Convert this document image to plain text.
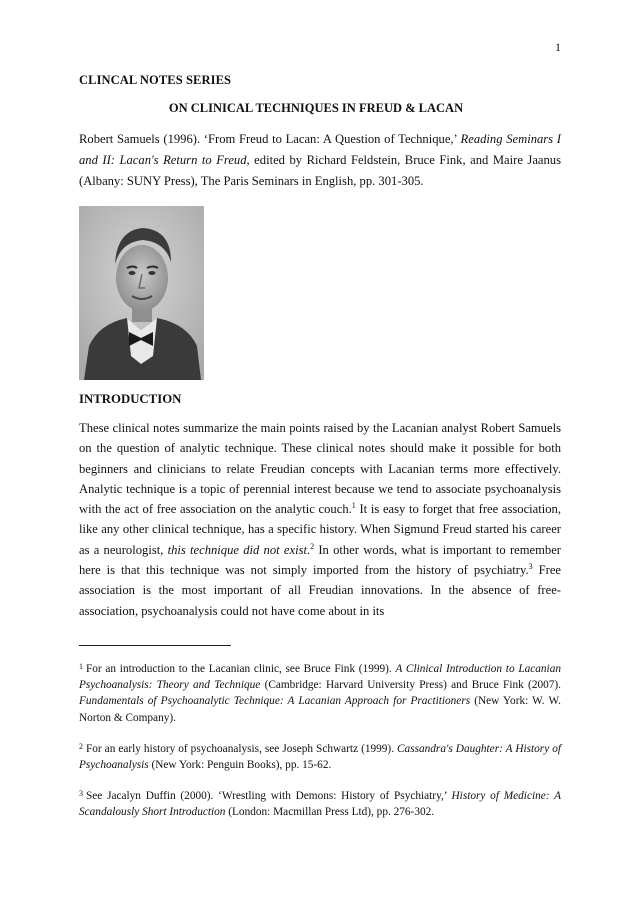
1

CLINCAL NOTES SERIES

ON CLINICAL TECHNIQUES IN FREUD & LACAN

Robert Samuels (1996). ‘From Freud to Lacan: A Question of Technique,’ Reading Seminars I and II: Lacan's Return to Freud, edited by Richard Feldstein, Bruce Fink, and Maire Jaanus (Albany: SUNY Press), The Paris Seminars in English, pp. 301-305.

INTRODUCTION

These clinical notes summarize the main points raised by the Lacanian analyst Robert Samuels on the question of analytic technique. These clinical notes should make it possible for both beginners and clinicians to relate Freudian concepts with Lacanian terms more effectively. Analytic technique is a topic of perennial interest because we tend to associate psychoanalysis with the act of free association on the analytic couch.$^1$ It is easy to forget that free association, like any other clinical technique, has a specific history. When Sigmund Freud started his career as a neurologist, this technique did not exist.$^2$ In other words, what is important to remember here is that this technique was not simply imported from the history of psychiatry.$^3$ Free association is the most important of all Freudian innovations. In the absence of free-association, psychoanalysis could not have come about in its

$^1$ For an introduction to the Lacanian clinic, see Bruce Fink (1999). A Clinical Introduction to Lacanian Psychoanalysis: Theory and Technique (Cambridge: Harvard University Press) and Bruce Fink (2007). Fundamentals of Psychoanalytic Technique: A Lacanian Approach for Practitioners (New York: W. W. Norton & Company).

$^2$ For an early history of psychoanalysis, see Joseph Schwartz (1999). Cassandra's Daughter: A History of Psychoanalysis (New York: Penguin Books), pp. 15-62.

$^3$ See Jacalyn Duffin (2000). ‘Wrestling with Demons: History of Psychiatry,’ History of Medicine: A Scandalously Short Introduction (London: Macmillan Press Ltd), pp. 276-302.
